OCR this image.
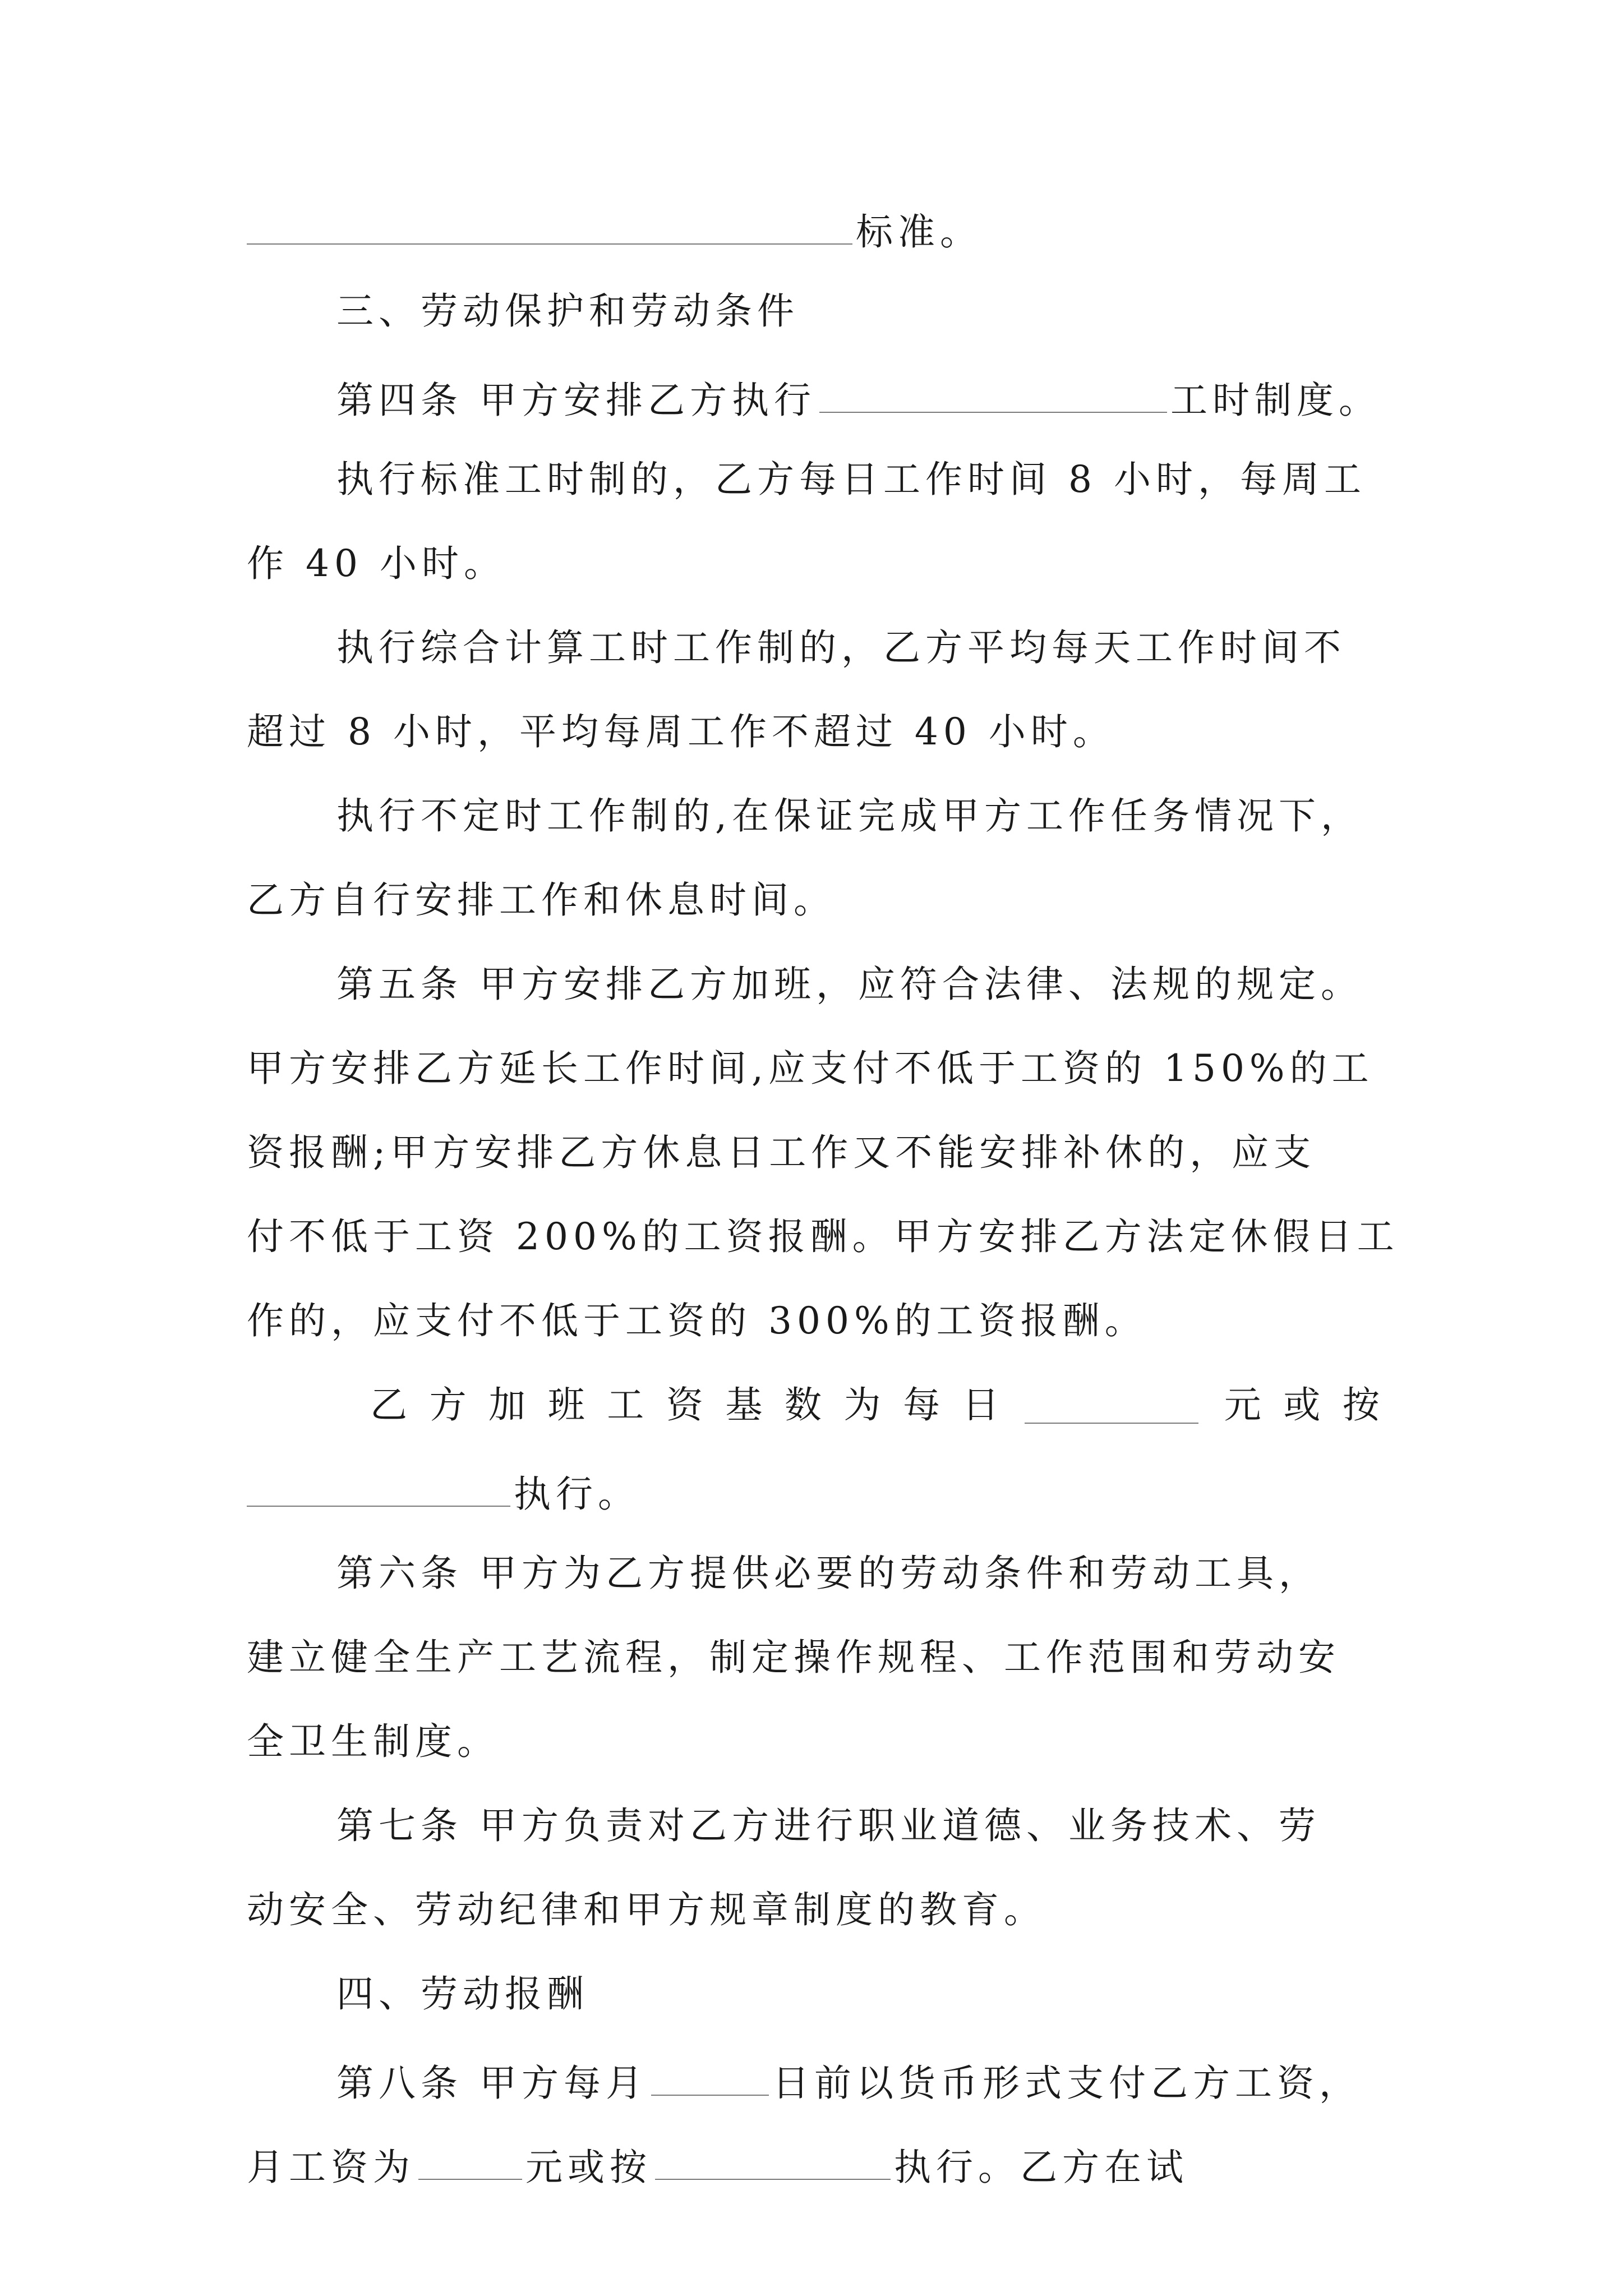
标准。
三、劳动保护和劳动条件
第四条 甲方安排乙方执行	工时制度。
执行标准工时制的，乙方每日工作时间 8 小时，每周工
作 40 小时。
执行综合计算工时工作制的，乙方平均每天工作时间不
超过 8 小时，平均每周工作不超过 40 小时。
执行不定时工作制的,在保证完成甲方工作任务情况下，
乙方自行安排工作和休息时间。
第五条 甲方安排乙方加班，应符合法律、法规的规定。
甲方安排乙方延长工作时间,应支付不低于工资的 150%的工
资报酬;甲方安排乙方休息日工作又不能安排补休的，应支
付不低于工资 200%的工资报酬。甲方安排乙方法定休假日工
作的，应支付不低于工资的 300%的工资报酬。
乙 方 加 班 工 资 基 数 为 每 日	元 或 按
执行。
第六条 甲方为乙方提供必要的劳动条件和劳动工具，
建立健全生产工艺流程，制定操作规程、工作范围和劳动安
全卫生制度。
第七条 甲方负责对乙方进行职业道德、业务技术、劳
动安全、劳动纪律和甲方规章制度的教育。
四、劳动报酬
第八条 甲方每月	日前以货币形式支付乙方工资，
月工资为	元或按	执行。乙方在试
